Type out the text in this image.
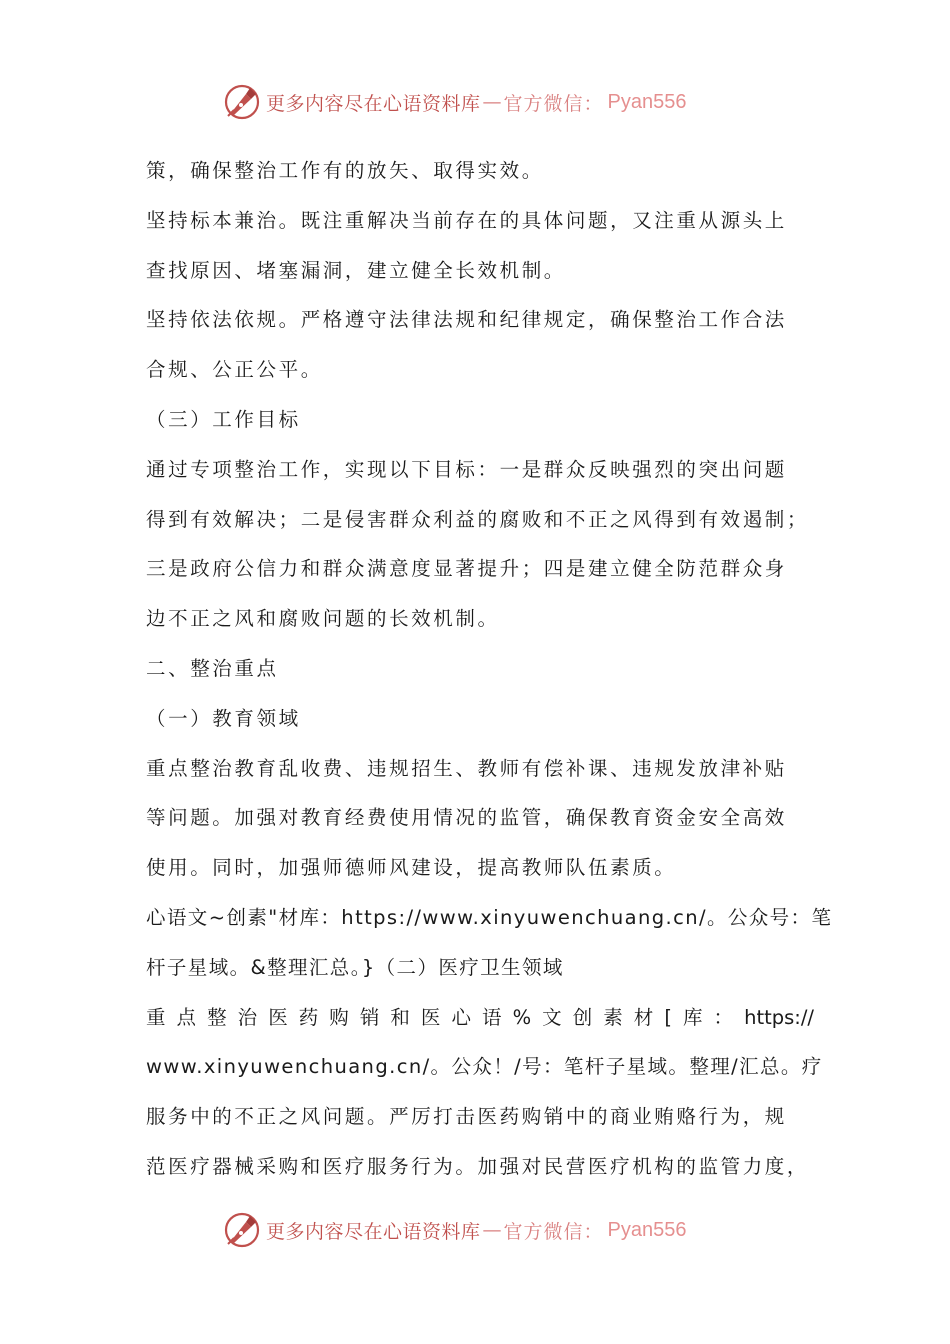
更多内容尽在心语资料库 — 官方微信： Pyan556
策，确保整治工作有的放矢、取得实效。
坚持标本兼治。既注重解决当前存在的具体问题，又注重从源头上
查找原因、堵塞漏洞，建立健全长效机制。
坚持依法依规。严格遵守法律法规和纪律规定，确保整治工作合法
合规、公正公平。
（三）工作目标
通过专项整治工作，实现以下目标：一是群众反映强烈的突出问题
得到有效解决；二是侵害群众利益的腐败和不正之风得到有效遏制；
三是政府公信力和群众满意度显著提升；四是建立健全防范群众身
边不正之风和腐败问题的长效机制。
二、整治重点
（一）教育领域
重点整治教育乱收费、违规招生、教师有偿补课、违规发放津补贴
等问题。加强对教育经费使用情况的监管，确保教育资金安全高效
使用。同时，加强师德师风建设，提高教师队伍素质。
心语文~创素"材库：https://www.xinyuwenchuang.cn/。公众号：笔
杆子星域。&整理汇总。}（二）医疗卫生领域
重点整治医药购销和医心语%文创素材[库：https://
www.xinyuwenchuang.cn/。公众！/号：笔杆子星域。整理/汇总。疗
服务中的不正之风问题。严厉打击医药购销中的商业贿赂行为，规
范医疗器械采购和医疗服务行为。加强对民营医疗机构的监管力度，
更多内容尽在心语资料库 — 官方微信： Pyan556
